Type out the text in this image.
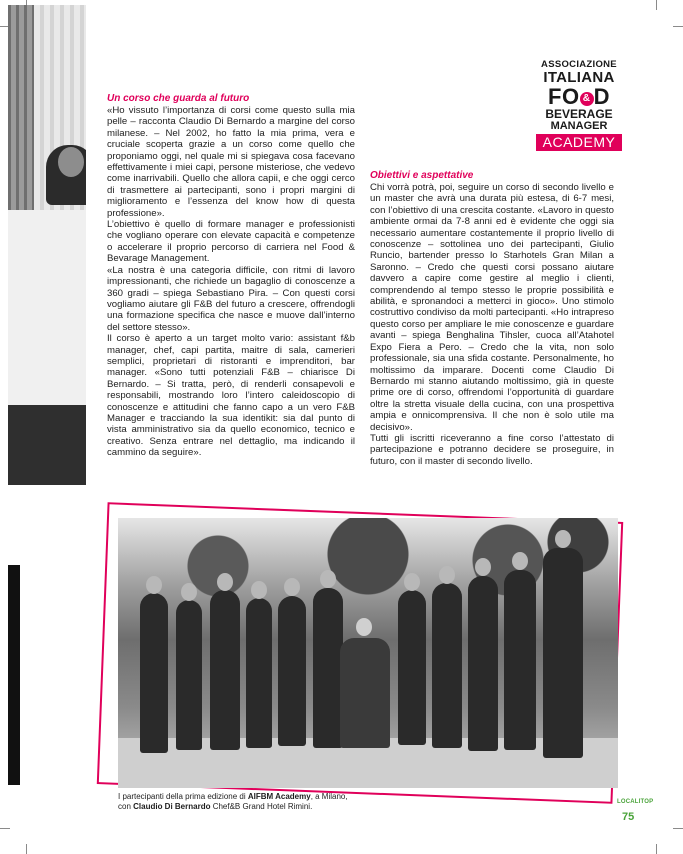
ASSOCIAZIONE
ITALIANA
FO & D
BEVERAGE
MANAGER
ACADEMY
Un corso che guarda al futuro

«Ho vissuto l’importanza di corsi come questo sulla mia pelle – racconta Claudio Di Bernardo a margine del corso milanese. – Nel 2002, ho fatto la mia prima, vera e cruciale scoperta grazie a un corso come quello che proponiamo oggi, nel quale mi si spiegava cosa facevano effettivamente i miei capi, persone misteriose, che vedevo come inarrivabili. Quello che allora capii, e che oggi cerco di trasmettere ai partecipanti, sono i propri margini di miglioramento e l’essenza del know how di questa professione».

L’obiettivo è quello di formare manager e professionisti che vogliano operare con elevate capacità e competenze o accelerare il proprio percorso di carriera nel Food & Bevarage Management.

«La nostra è una categoria difficile, con ritmi di lavoro impressionanti, che richiede un bagaglio di conoscenze a 360 gradi – spiega Sebastiano Pira. – Con questi corsi vogliamo aiutare gli F&B del futuro a crescere, offrendogli una formazione specifica che nasce e muove dall’interno del settore stesso».

Il corso è aperto a un target molto vario: assistant f&b manager, chef, capi partita, maitre di sala, camerieri semplici, proprietari di ristoranti e imprenditori, bar manager. «Sono tutti potenziali F&B – chiarisce Di Bernardo. – Si tratta, però, di renderli consapevoli e responsabili, mostrando loro l’intero caleidoscopio di conoscenze e attitudini che fanno capo a un vero F&B Manager e tracciando la sua identikit: sia dal punto di vista amministrativo sia da quello economico, tecnico e creativo. Senza entrare nel dettaglio, ma indicando il cammino da seguire».

Obiettivi e aspettative

Chi vorrà potrà, poi, seguire un corso di secondo livello e un master che avrà una durata più estesa, di 6-7 mesi, con l’obiettivo di una crescita costante. «Lavoro in questo ambiente ormai da 7-8 anni ed è evidente che oggi sia necessario aumentare costantemente il proprio livello di conoscenze – sottolinea uno dei partecipanti, Giulio Runcio, bartender presso lo Starhotels Gran Milan a Saronno. – Credo che questi corsi possano aiutare davvero a capire come gestire al meglio i clienti, comprendendo al tempo stesso le proprie possibilità e abilità, e spronandoci a metterci in gioco». Uno stimolo costruttivo condiviso da molti partecipanti. «Ho intrapreso questo corso per ampliare le mie conoscenze e guardare avanti – spiega Benghalina Tihsler, cuoca all’Atahotel Expo Fiera a Pero. – Credo che la vita, non solo professionale, sia una sfida costante. Personalmente, ho moltissimo da imparare. Docenti come Claudio Di Bernardo mi stanno aiutando moltissimo, già in queste prime ore di corso, offrendomi l’opportunità di guardare oltre la stretta visuale della cucina, con una prospettiva ampia e onnicomprensiva. Il che non è solo utile ma decisivo».

Tutti gli iscritti riceveranno a fine corso l’attestato di partecipazione e potranno decidere se proseguire, in futuro, con il master di secondo livello.

I partecipanti della prima edizione di AIFBM Academy, a Milano,
con Claudio Di Bernardo Chef&B Grand Hotel Rimini.	LOCALITOP
75
